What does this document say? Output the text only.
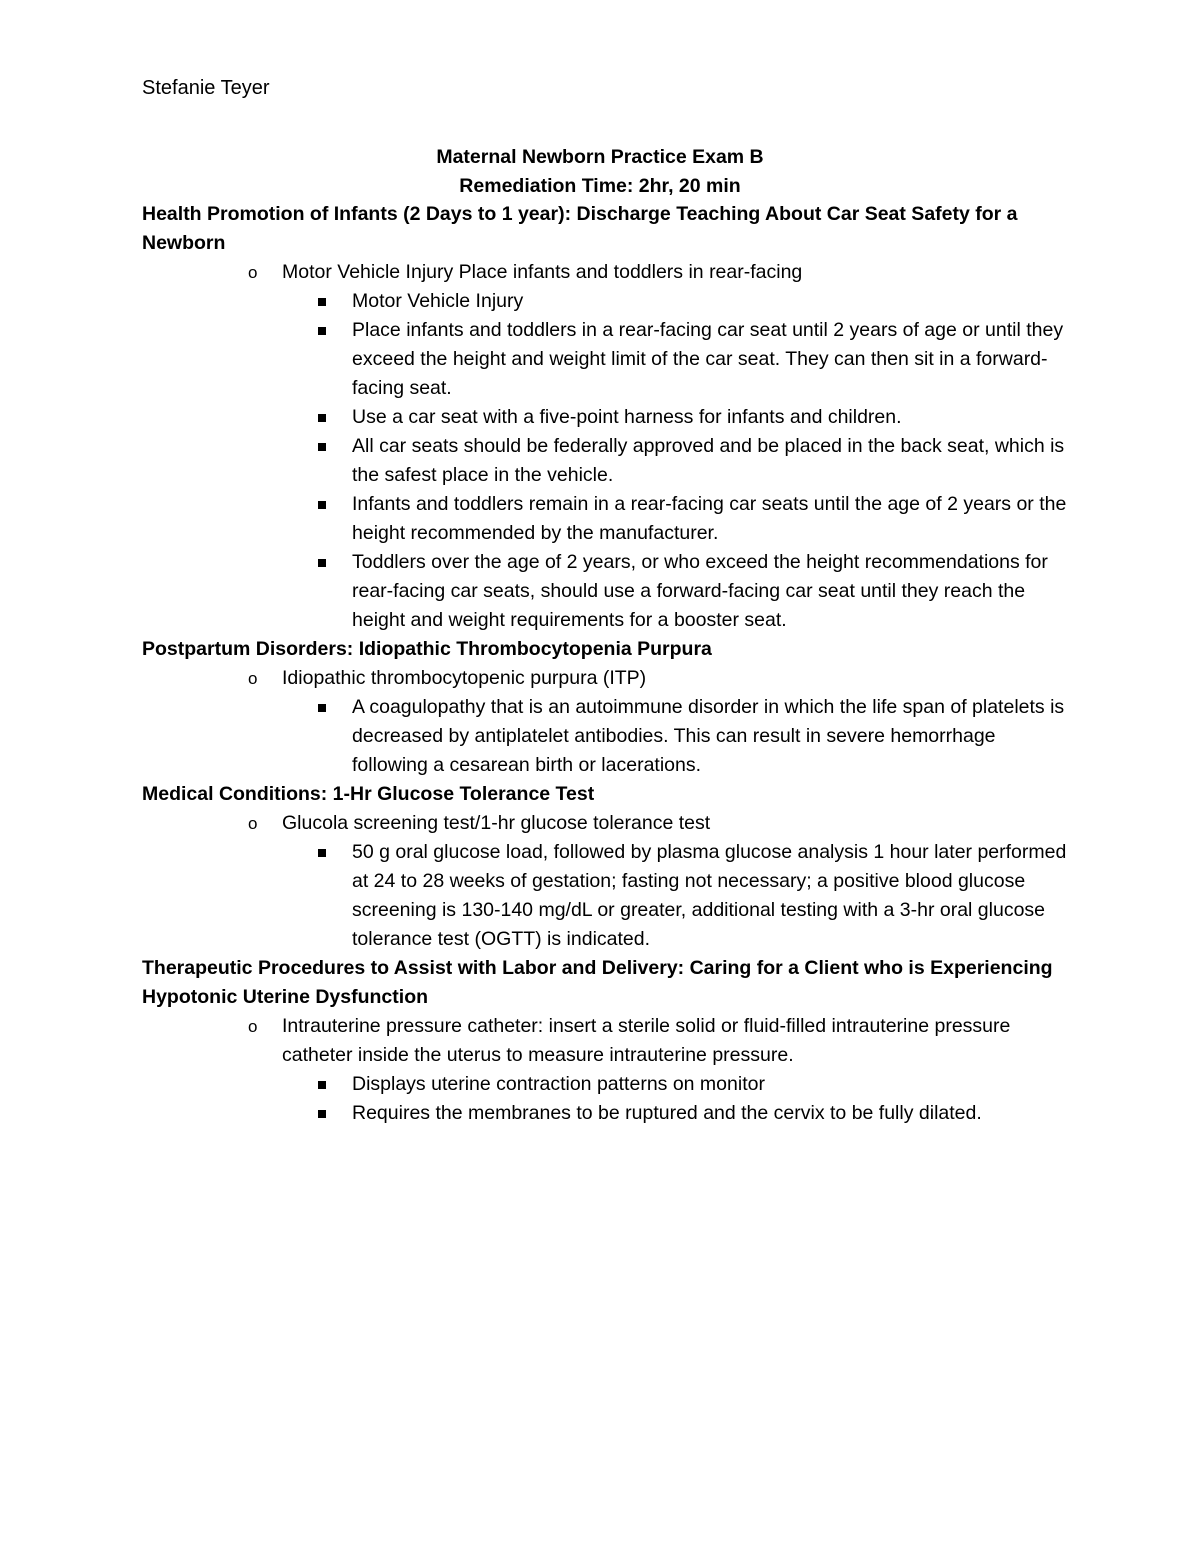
Stefanie Teyer
Maternal Newborn Practice Exam B
Remediation Time: 2hr, 20 min

Health Promotion of Infants (2 Days to 1 year): Discharge Teaching About Car Seat Safety for a Newborn

o Motor Vehicle Injury Place infants and toddlers in rear-facing
Motor Vehicle Injury
Place infants and toddlers in a rear-facing car seat until 2 years of age or until they exceed the height and weight limit of the car seat. They can then sit in a forward-facing seat.
Use a car seat with a five-point harness for infants and children.
All car seats should be federally approved and be placed in the back seat, which is the safest place in the vehicle.
Infants and toddlers remain in a rear-facing car seats until the age of 2 years or the height recommended by the manufacturer.
Toddlers over the age of 2 years, or who exceed the height recommendations for rear-facing car seats, should use a forward-facing car seat until they reach the height and weight requirements for a booster seat.

Postpartum Disorders: Idiopathic Thrombocytopenia Purpura

o Idiopathic thrombocytopenic purpura (ITP)
A coagulopathy that is an autoimmune disorder in which the life span of platelets is decreased by antiplatelet antibodies. This can result in severe hemorrhage following a cesarean birth or lacerations.

Medical Conditions: 1-Hr Glucose Tolerance Test

o Glucola screening test/1-hr glucose tolerance test
50 g oral glucose load, followed by plasma glucose analysis 1 hour later performed at 24 to 28 weeks of gestation; fasting not necessary; a positive blood glucose screening is 130-140 mg/dL or greater, additional testing with a 3-hr oral glucose tolerance test (OGTT) is indicated.

Therapeutic Procedures to Assist with Labor and Delivery: Caring for a Client who is Experiencing Hypotonic Uterine Dysfunction

o Intrauterine pressure catheter: insert a sterile solid or fluid-filled intrauterine pressure catheter inside the uterus to measure intrauterine pressure.
Displays uterine contraction patterns on monitor
Requires the membranes to be ruptured and the cervix to be fully dilated.
